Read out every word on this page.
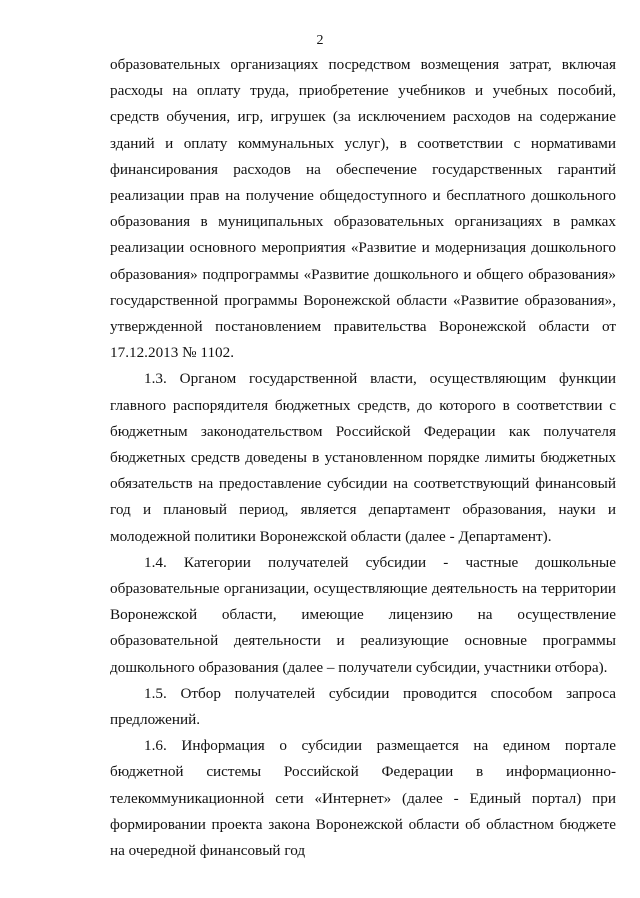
2

образовательных организациях посредством возмещения затрат, включая расходы на оплату труда, приобретение учебников и учебных пособий, средств обучения, игр, игрушек (за исключением расходов на содержание зданий и оплату коммунальных услуг), в соответствии с нормативами финансирования расходов на обеспечение государственных гарантий реализации прав на получение общедоступного и бесплатного дошкольного образования в муниципальных образовательных организациях в рамках реализации основного мероприятия «Развитие и модернизация дошкольного образования» подпрограммы «Развитие дошкольного и общего образования» государственной программы Воронежской области «Развитие образования», утвержденной постановлением правительства Воронежской области от 17.12.2013 № 1102.

1.3. Органом государственной власти, осуществляющим функции главного распорядителя бюджетных средств, до которого в соответствии с бюджетным законодательством Российской Федерации как получателя бюджетных средств доведены в установленном порядке лимиты бюджетных обязательств на предоставление субсидии на соответствующий финансовый год и плановый период, является департамент образования, науки и молодежной политики Воронежской области (далее - Департамент).

1.4. Категории получателей субсидии - частные дошкольные образовательные организации, осуществляющие деятельность на территории Воронежской области, имеющие лицензию на осуществление образовательной деятельности и реализующие основные программы дошкольного образования (далее – получатели субсидии, участники отбора).

1.5. Отбор получателей субсидии проводится способом запроса предложений.

1.6. Информация о субсидии размещается на едином портале бюджетной системы Российской Федерации в информационно-телекоммуникационной сети «Интернет» (далее - Единый портал) при формировании проекта закона Воронежской области об областном бюджете на очередной финансовый год
